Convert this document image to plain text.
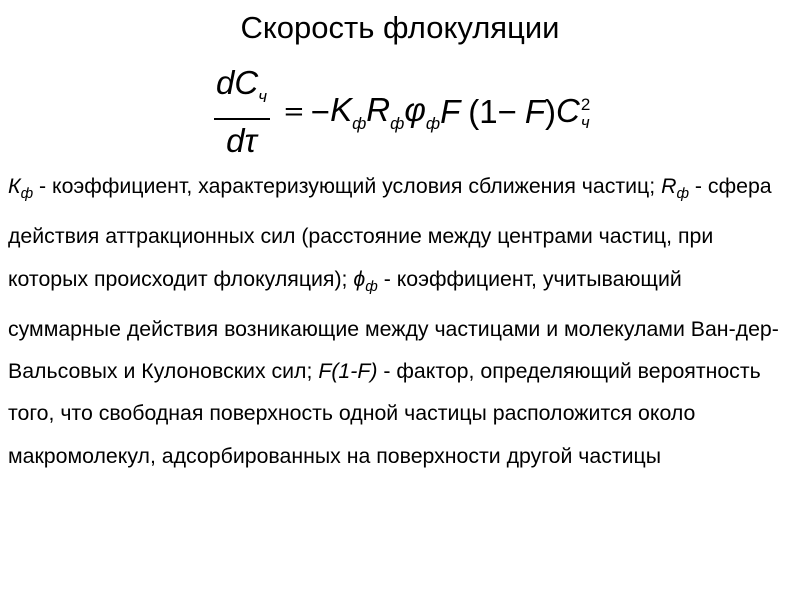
Скорость флокуляции
$\frac{dC_ч}{d\tau}$ = − $K_ф$ $R_ф$ $\varphi_ф$ F (1− F ) C 2
ч

$К_ф$ - коэффициент, характеризующий условия сближения частиц; $R_ф$ - сфера действия аттракционных сил (расстояние между центрами частиц, при которых происходит флокуляция); $\phi_ф$ - коэффициент, учитывающий суммарные действия возникающие между частицами и молекулами Ван-дер-Вальсовых и Кулоновских сил; F(1-F) - фактор, определяющий вероятность того, что свободная поверхность одной частицы расположится около макромолекул, адсорбированных на поверхности другой частицы
